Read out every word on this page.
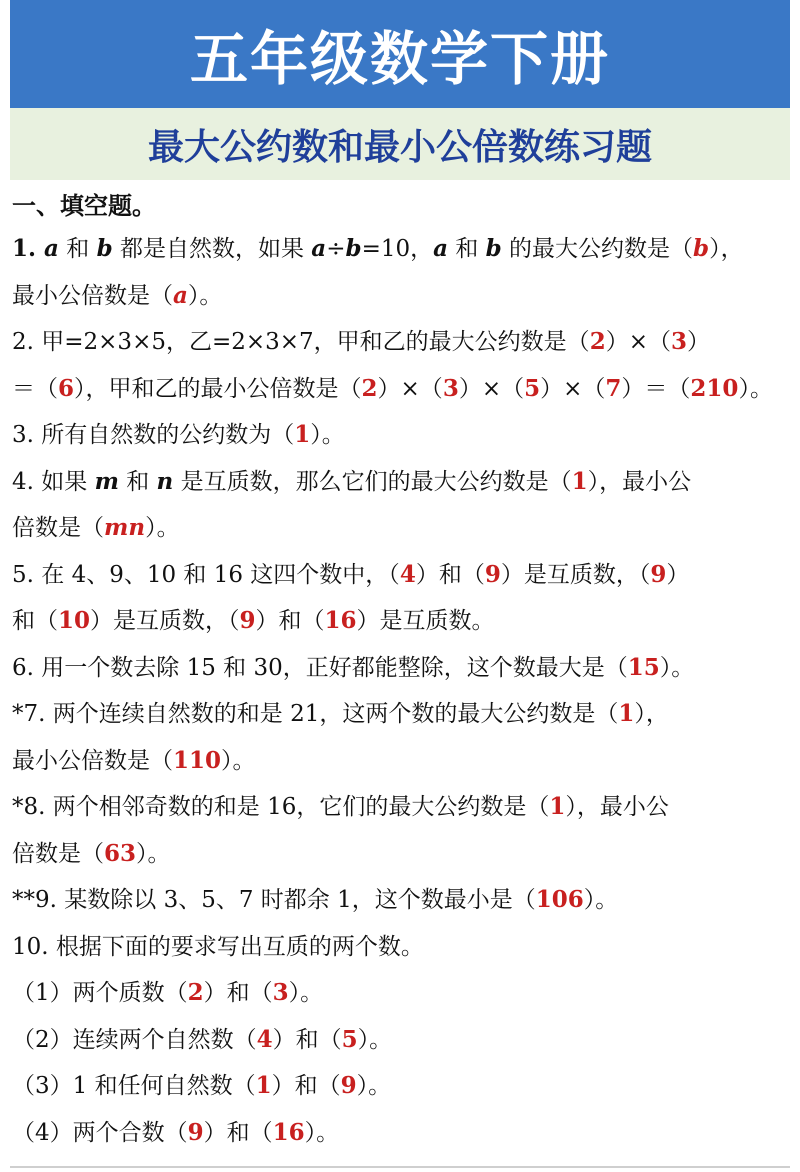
五年级数学下册
最大公约数和最小公倍数练习题

一、填空题。

1. a 和 b 都是自然数，如果 a÷b=10，a 和 b 的最大公约数是（b），

最小公倍数是（a）。

2. 甲=2×3×5，乙=2×3×7，甲和乙的最大公约数是（2）×（3）

＝（6），甲和乙的最小公倍数是（2）×（3）×（5）×（7）＝（210）。

3. 所有自然数的公约数为（1）。

4. 如果 m 和 n 是互质数，那么它们的最大公约数是（1），最小公

倍数是（mn）。

5. 在 4、9、10 和 16 这四个数中，（4）和（9）是互质数，（9）

和（10）是互质数，（9）和（16）是互质数。

6. 用一个数去除 15 和 30，正好都能整除，这个数最大是（15）。

*7. 两个连续自然数的和是 21，这两个数的最大公约数是（1），

最小公倍数是（110）。

*8. 两个相邻奇数的和是 16，它们的最大公约数是（1），最小公

倍数是（63）。

**9. 某数除以 3、5、7 时都余 1，这个数最小是（106）。

10. 根据下面的要求写出互质的两个数。

（1）两个质数（2）和（3）。

（2）连续两个自然数（4）和（5）。

（3）1 和任何自然数（1）和（9）。

（4）两个合数（9）和（16）。
